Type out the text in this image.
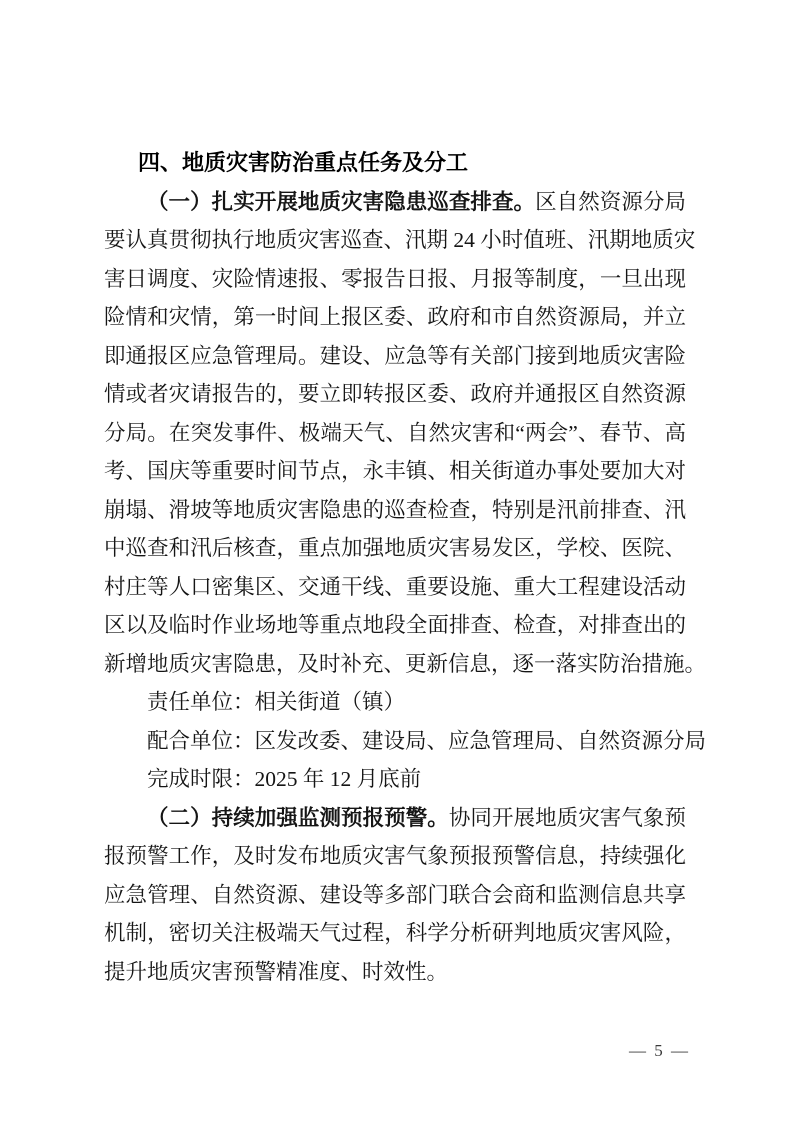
四、地质灾害防治重点任务及分工
（一）扎实开展地质灾害隐患巡查排查。区自然资源分局
要认真贯彻执行地质灾害巡查、汛期 24 小时值班、汛期地质灾
害日调度、灾险情速报、零报告日报、月报等制度，一旦出现
险情和灾情，第一时间上报区委、政府和市自然资源局，并立
即通报区应急管理局。建设、应急等有关部门接到地质灾害险
情或者灾请报告的，要立即转报区委、政府并通报区自然资源
分局。在突发事件、极端天气、自然灾害和“两会”、春节、高
考、国庆等重要时间节点，永丰镇、相关街道办事处要加大对
崩塌、滑坡等地质灾害隐患的巡查检查，特别是汛前排查、汛
中巡查和汛后核查，重点加强地质灾害易发区，学校、医院、
村庄等人口密集区、交通干线、重要设施、重大工程建设活动
区以及临时作业场地等重点地段全面排查、检查，对排查出的
新增地质灾害隐患，及时补充、更新信息，逐一落实防治措施。
责任单位：相关街道（镇）
配合单位：区发改委、建设局、应急管理局、自然资源分局
完成时限：2025 年 12 月底前
（二）持续加强监测预报预警。协同开展地质灾害气象预
报预警工作，及时发布地质灾害气象预报预警信息，持续强化
应急管理、自然资源、建设等多部门联合会商和监测信息共享
机制，密切关注极端天气过程，科学分析研判地质灾害风险，
提升地质灾害预警精准度、时效性。
— 5 —
